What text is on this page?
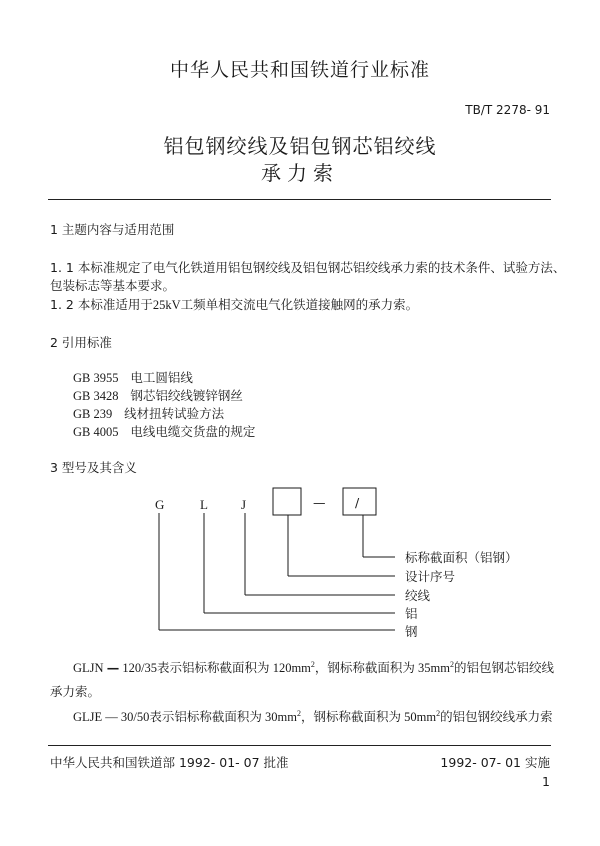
中华人民共和国铁道行业标准
TB/T 2278- 91
铝包钢绞线及铝包钢芯铝绞线
承力索
1 主题内容与适用范围
1. 1 本标准规定了电气化铁道用铝包钢绞线及铝包钢芯铝绞线承力索的技术条件、试验方法、
包装标志等基本要求。
1. 2 本标准适用于25kV工频单相交流电气化铁道接触网的承力索。
2 引用标准
GB 3955 电工圆铝线
GB 3428 钢芯铝绞线镀锌钢丝
GB 239 线材扭转试验方法
GB 4005 电线电缆交货盘的规定
3 型号及其含义
G	L	J	— /
标称截面积（铝钢）
设计序号
绞线
铝
钢
GLJN — 120/35表示铝标称截面积为 $120mm^2$，钢标称截面积为 $35mm^2$的铝包钢芯铝绞线
承力索。
GLJE — 30/50表示铝标称截面积为 $30mm^2$，钢标称截面积为 $50mm^2$的铝包钢绞线承力索
中华人民共和国铁道部 1992- 01- 07 批准	1992- 07- 01 实施
1
